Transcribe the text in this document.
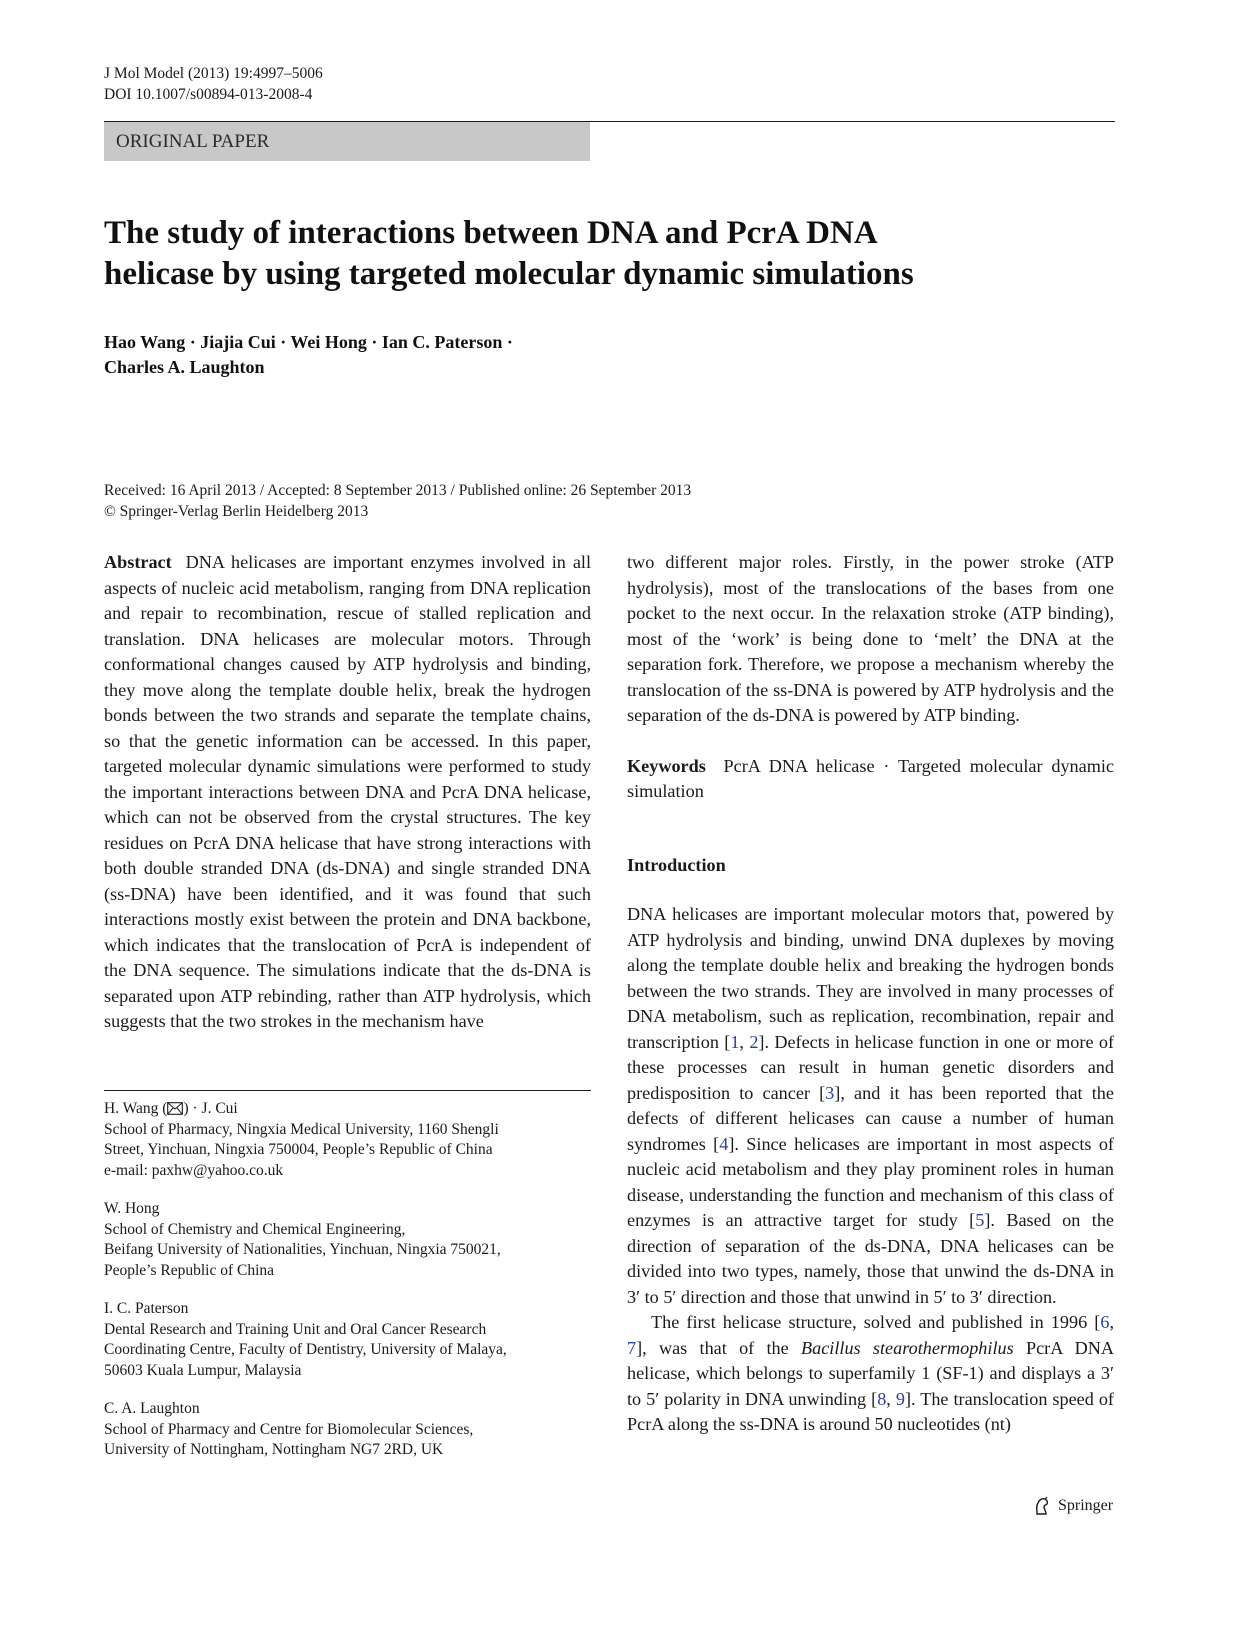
J Mol Model (2013) 19:4997–5006
DOI 10.1007/s00894-013-2008-4
ORIGINAL PAPER
The study of interactions between DNA and PcrA DNA
helicase by using targeted molecular dynamic simulations
Hao Wang · Jiajia Cui · Wei Hong · Ian C. Paterson ·
Charles A. Laughton
Received: 16 April 2013 / Accepted: 8 September 2013 / Published online: 26 September 2013
© Springer-Verlag Berlin Heidelberg 2013

Abstract DNA helicases are important enzymes involved in all aspects of nucleic acid metabolism, ranging from DNA replication and repair to recombination, rescue of stalled replication and translation. DNA helicases are molecular motors. Through conformational changes caused by ATP hydrolysis and binding, they move along the template double helix, break the hydrogen bonds between the two strands and separate the template chains, so that the genetic information can be accessed. In this paper, targeted molecular dynamic simulations were performed to study the important interactions between DNA and PcrA DNA helicase, which can not be observed from the crystal structures. The key residues on PcrA DNA helicase that have strong interactions with both double stranded DNA (ds-DNA) and single stranded DNA (ss-DNA) have been identified, and it was found that such interactions mostly exist between the protein and DNA backbone, which indicates that the translocation of PcrA is independent of the DNA sequence. The simulations indicate that the ds-DNA is separated upon ATP rebinding, rather than ATP hydrolysis, which suggests that the two strokes in the mechanism have

H. Wang ( ) · J. Cui
School of Pharmacy, Ningxia Medical University, 1160 Shengli
Street, Yinchuan, Ningxia 750004, People’s Republic of China
e-mail: paxhw@yahoo.co.uk
W. Hong
School of Chemistry and Chemical Engineering,
Beifang University of Nationalities, Yinchuan, Ningxia 750021,
People’s Republic of China
I. C. Paterson
Dental Research and Training Unit and Oral Cancer Research
Coordinating Centre, Faculty of Dentistry, University of Malaya,
50603 Kuala Lumpur, Malaysia
C. A. Laughton
School of Pharmacy and Centre for Biomolecular Sciences,
University of Nottingham, Nottingham NG7 2RD, UK

two different major roles. Firstly, in the power stroke (ATP hydrolysis), most of the translocations of the bases from one pocket to the next occur. In the relaxation stroke (ATP binding), most of the ‘work’ is being done to ‘melt’ the DNA at the separation fork. Therefore, we propose a mechanism whereby the translocation of the ss-DNA is powered by ATP hydrolysis and the separation of the ds-DNA is powered by ATP binding.

Keywords PcrA DNA helicase · Targeted molecular dynamic simulation

Introduction

DNA helicases are important molecular motors that, powered by ATP hydrolysis and binding, unwind DNA duplexes by moving along the template double helix and breaking the hydrogen bonds between the two strands. They are involved in many processes of DNA metabolism, such as replication, recombination, repair and transcription [1, 2]. Defects in helicase function in one or more of these processes can result in human genetic disorders and predisposition to cancer [3], and it has been reported that the defects of different helicases can cause a number of human syndromes [4]. Since helicases are important in most aspects of nucleic acid metabolism and they play prominent roles in human disease, understanding the function and mechanism of this class of enzymes is an attractive target for study [5]. Based on the direction of separation of the ds-DNA, DNA helicases can be divided into two types, namely, those that unwind the ds-DNA in 3′ to 5′ direction and those that unwind in 5′ to 3′ direction.

The first helicase structure, solved and published in 1996 [6, 7], was that of the Bacillus stearothermophilus PcrA DNA helicase, which belongs to superfamily 1 (SF-1) and displays a 3′ to 5′ polarity in DNA unwinding [8, 9]. The translocation speed of PcrA along the ss-DNA is around 50 nucleotides (nt)

Springer
